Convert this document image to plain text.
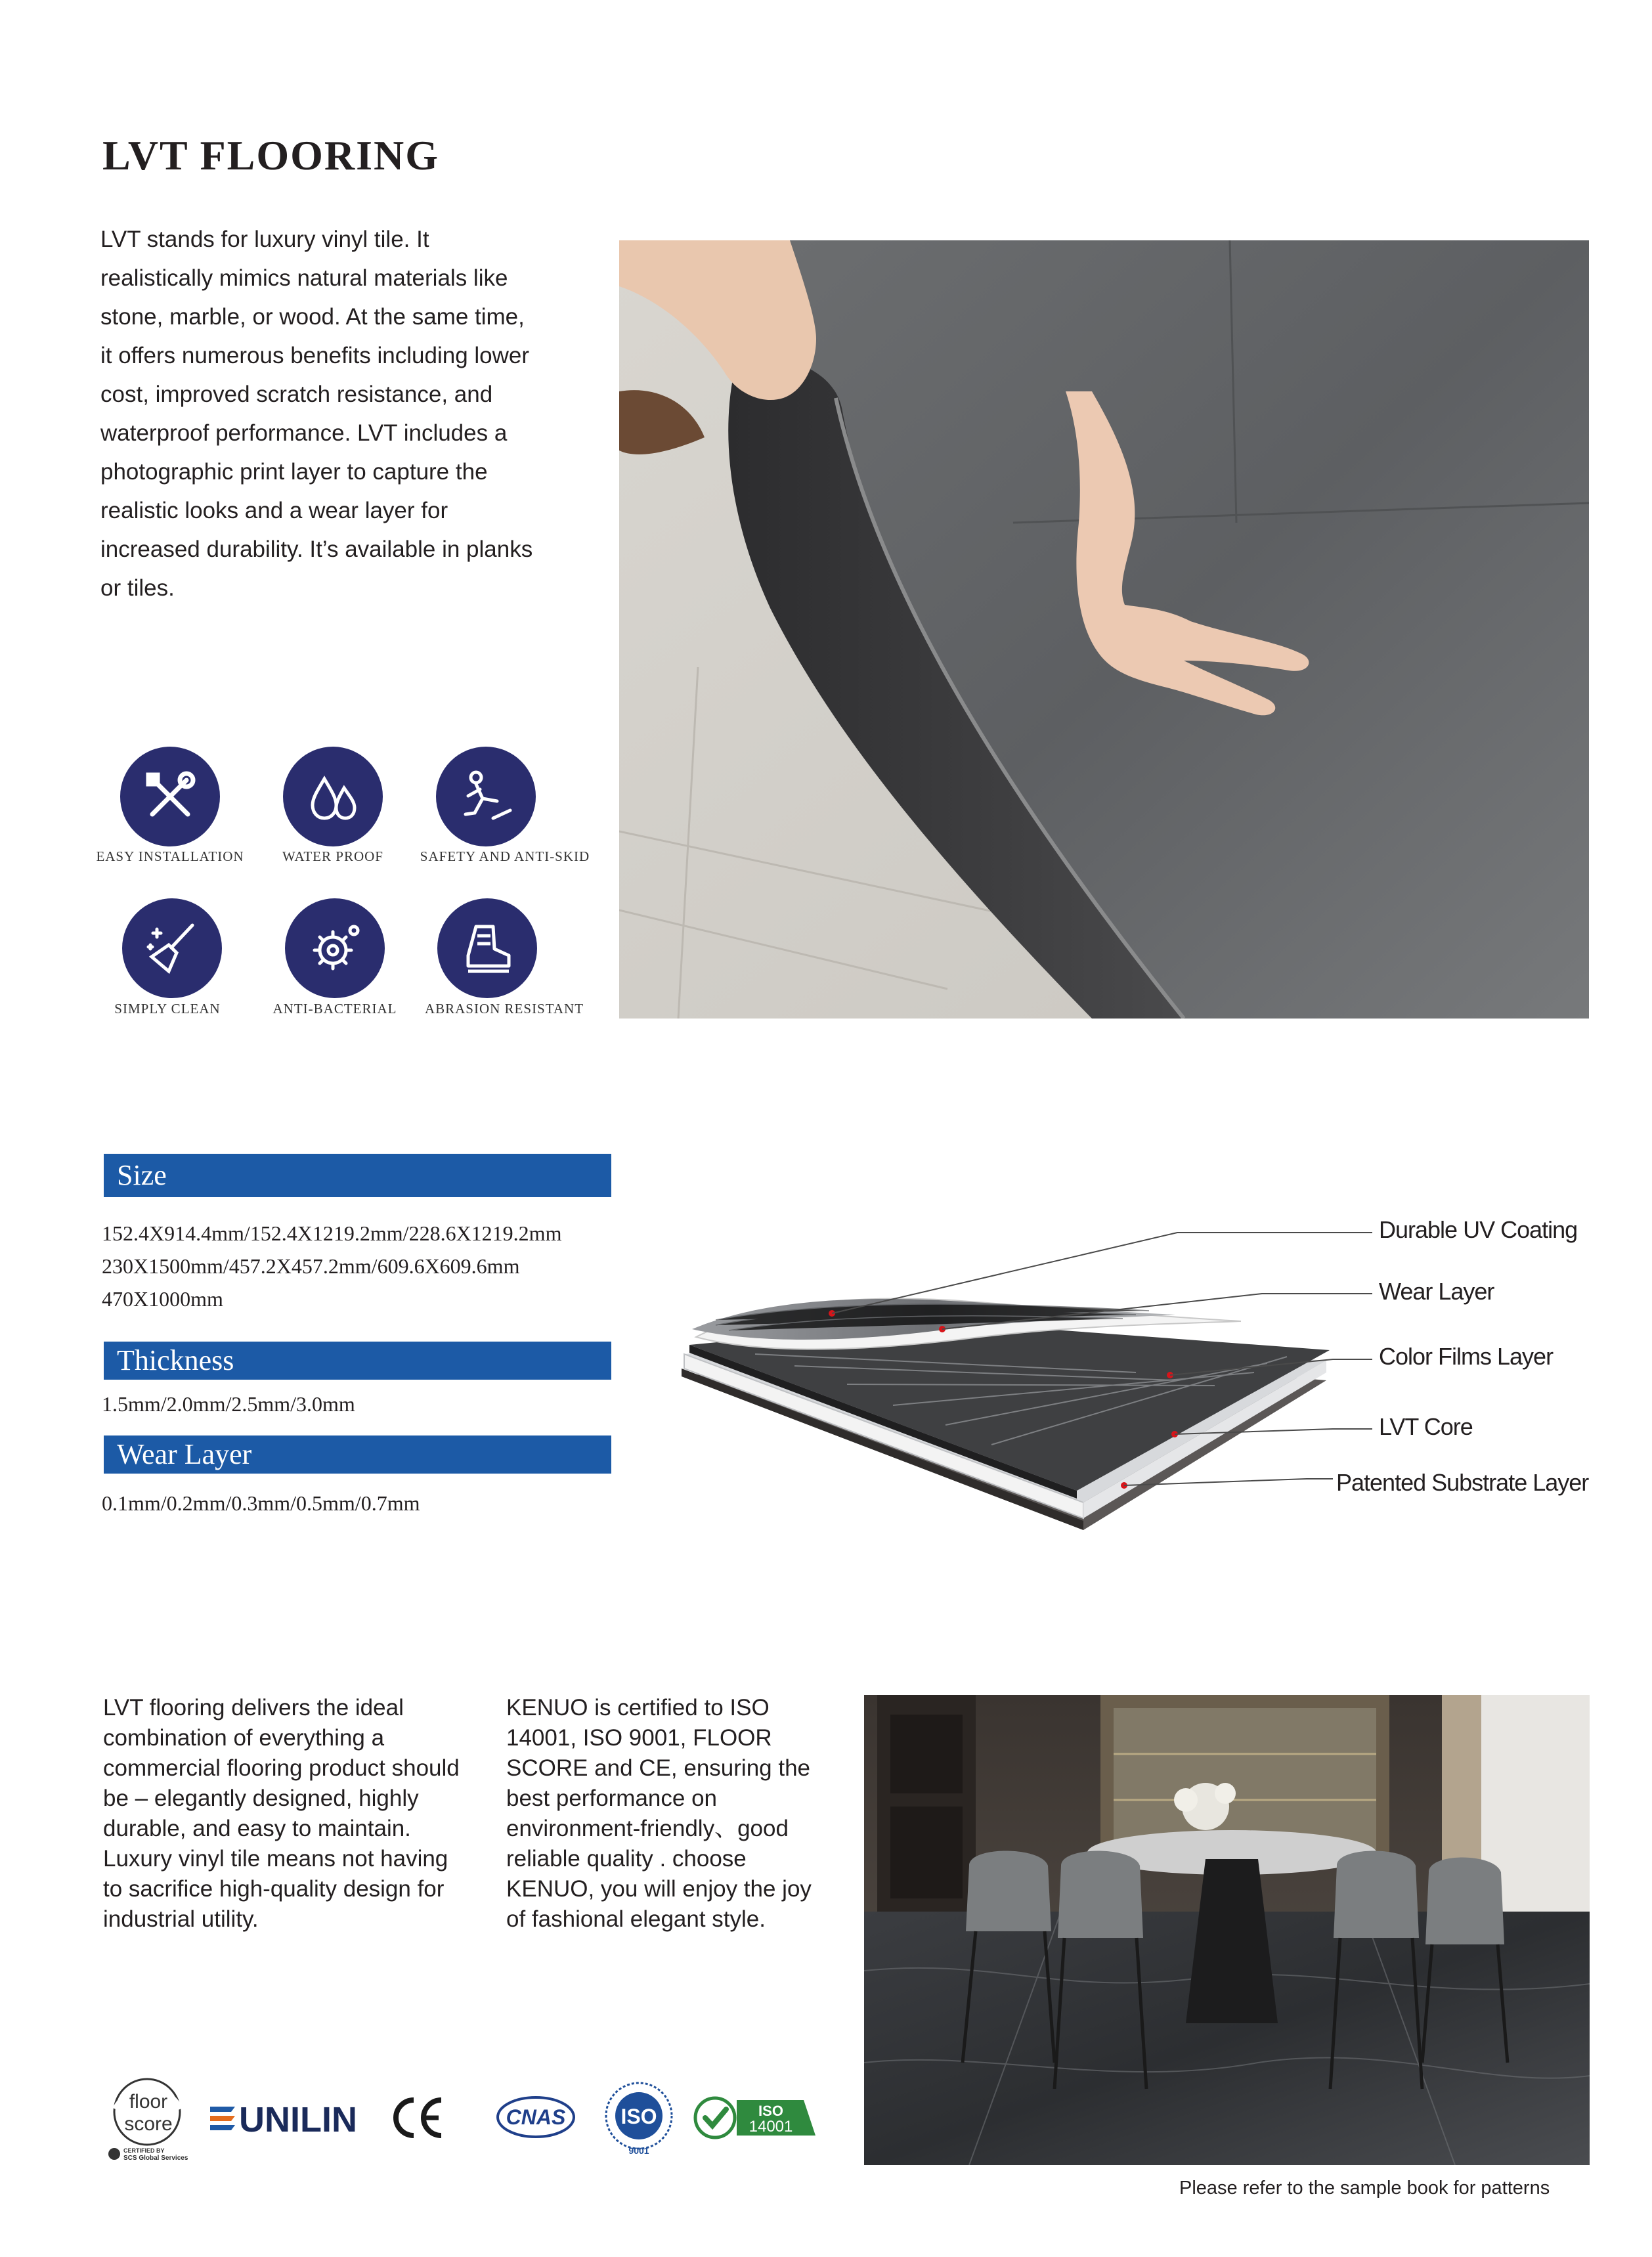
LVT FLOORING
LVT stands for luxury vinyl tile. It realistically mimics natural materials like stone, marble, or wood. At the same time, it offers numerous benefits including lower cost, improved scratch resistance, and waterproof performance. LVT includes a photographic print layer to capture the realistic looks and a wear layer for increased durability. It’s available in planks or tiles.
EASY INSTALLATION	WATER PROOF	SAFETY AND ANTI-SKID
SIMPLY CLEAN	ANTI-BACTERIAL	ABRASION RESISTANT
Size
152.4X914.4mm/152.4X1219.2mm/228.6X1219.2mm
230X1500mm/457.2X457.2mm/609.6X609.6mm
470X1000mm
Thickness
1.5mm/2.0mm/2.5mm/3.0mm
Wear Layer
0.1mm/0.2mm/0.3mm/0.5mm/0.7mm
Durable UV Coating
Wear Layer
Color Films Layer
LVT Core
Patented Substrate Layer
LVT flooring delivers the ideal combination of everything a commercial flooring product should be – elegantly designed, highly durable, and easy to maintain. Luxury vinyl tile means not having to sacrifice high-quality design for industrial utility.
KENUO is certified to ISO 14001, ISO 9001, FLOOR SCORE and CE, ensuring the best performance on environment-friendly、good reliable quality . choose KENUO, you will enjoy the joy of fashional elegant style.
floor
score
CERTIFIED BY
SCS Global Services
UNILIN	CNAS	ISO
9001
ISO
14001
Please refer to the sample book for patterns
